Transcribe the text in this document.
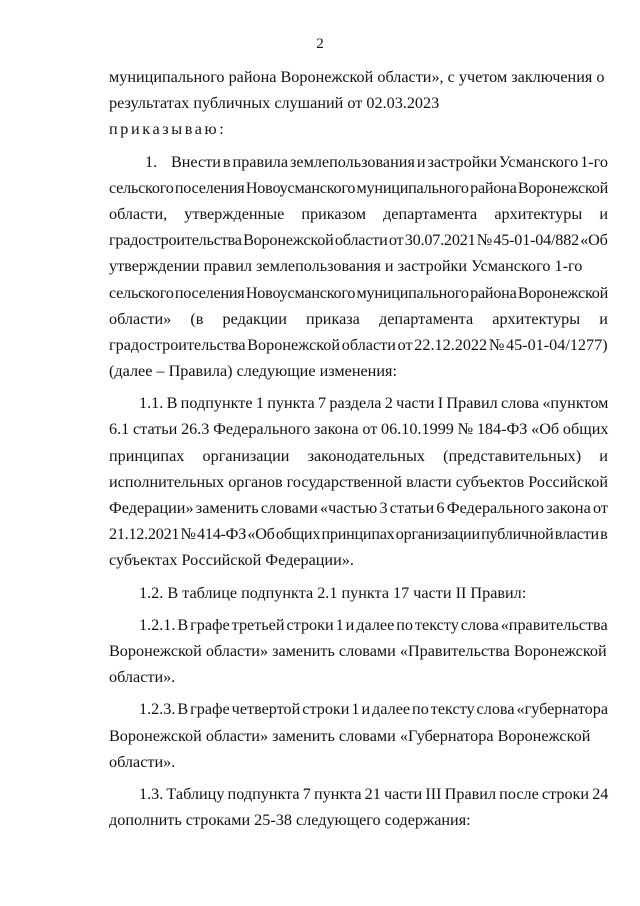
2
муниципального района Воронежской области», с учетом заключения о
результатах публичных слушаний от 02.03.2023
приказываю:
1.       Внести в правила землепользования и застройки Усманского 1-го
сельского поселения Новоусманского муниципального района Воронежской
области, утвержденные приказом департамента архитектуры и
градостроительства Воронежской области от 30.07.2021 № 45-01-04/882 «Об
утверждении правил землепользования и застройки Усманского 1-го
сельского поселения Новоусманского муниципального района Воронежской
области» (в редакции приказа департамента архитектуры и
градостроительства Воронежской области от 22.12.2022 № 45-01-04/1277)
(далее – Правила) следующие изменения:
1.1. В подпункте 1 пункта 7 раздела 2 части I Правил слова «пунктом
6.1 статьи 26.3 Федерального закона от 06.10.1999 № 184-ФЗ «Об общих
принципах организации законодательных (представительных) и
исполнительных органов государственной власти субъектов Российской
Федерации» заменить словами «частью 3 статьи 6 Федерального закона от
21.12.2021 № 414-ФЗ «Об общих принципах организации публичной власти в
субъектах Российской Федерации».
1.2. В таблице подпункта 2.1 пункта 17 части II Правил:
1.2.1. В графе третьей строки 1 и далее по тексту слова «правительства
Воронежской области» заменить словами «Правительства Воронежской
области».
1.2.3. В графе четвертой строки 1 и далее по тексту слова «губернатора
Воронежской области» заменить словами «Губернатора Воронежской
области».
1.3. Таблицу подпункта 7 пункта 21 части III Правил после строки 24
дополнить строками 25-38 следующего содержания:
